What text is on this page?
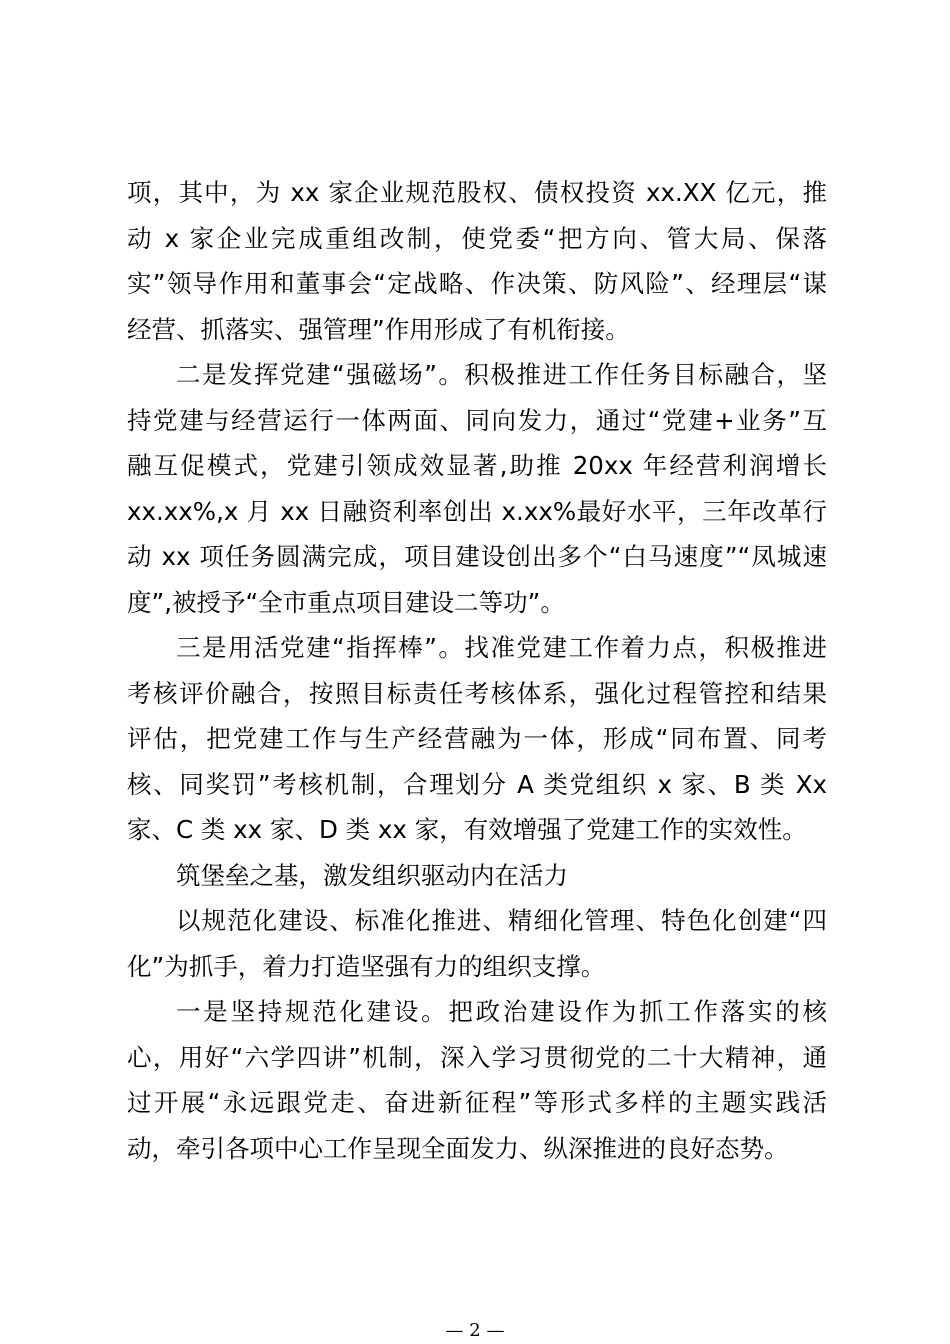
项，其中，为 xx 家企业规范股权、债权投资 xx.XX 亿元，推
动 x 家企业完成重组改制，使党委“把方向、管大局、保落
实”领导作用和董事会“定战略、作决策、防风险”、经理层“谋
经营、抓落实、强管理”作用形成了有机衔接。
二是发挥党建“强磁场”。积极推进工作任务目标融合，坚
持党建与经营运行一体两面、同向发力，通过“党建+业务”互
融互促模式，党建引领成效显著,助推 20xx 年经营利润增长
xx.xx%,x 月 xx 日融资利率创出 x.xx%最好水平，三年改革行
动 xx 项任务圆满完成，项目建设创出多个“白马速度”“凤城速
度”,被授予“全市重点项目建设二等功”。
三是用活党建“指挥棒”。找准党建工作着力点，积极推进
考核评价融合，按照目标责任考核体系，强化过程管控和结果
评估，把党建工作与生产经营融为一体，形成“同布置、同考
核、同奖罚”考核机制，合理划分 A 类党组织 x 家、B 类 Xx
家、C 类 xx 家、D 类 xx 家，有效增强了党建工作的实效性。
筑堡垒之基，激发组织驱动内在活力
以规范化建设、标准化推进、精细化管理、特色化创建“四
化”为抓手，着力打造坚强有力的组织支撑。
一是坚持规范化建设。把政治建设作为抓工作落实的核
心，用好“六学四讲”机制，深入学习贯彻党的二十大精神，通
过开展“永远跟党走、奋进新征程”等形式多样的主题实践活
动，牵引各项中心工作呈现全面发力、纵深推进的良好态势。
— 2 —
